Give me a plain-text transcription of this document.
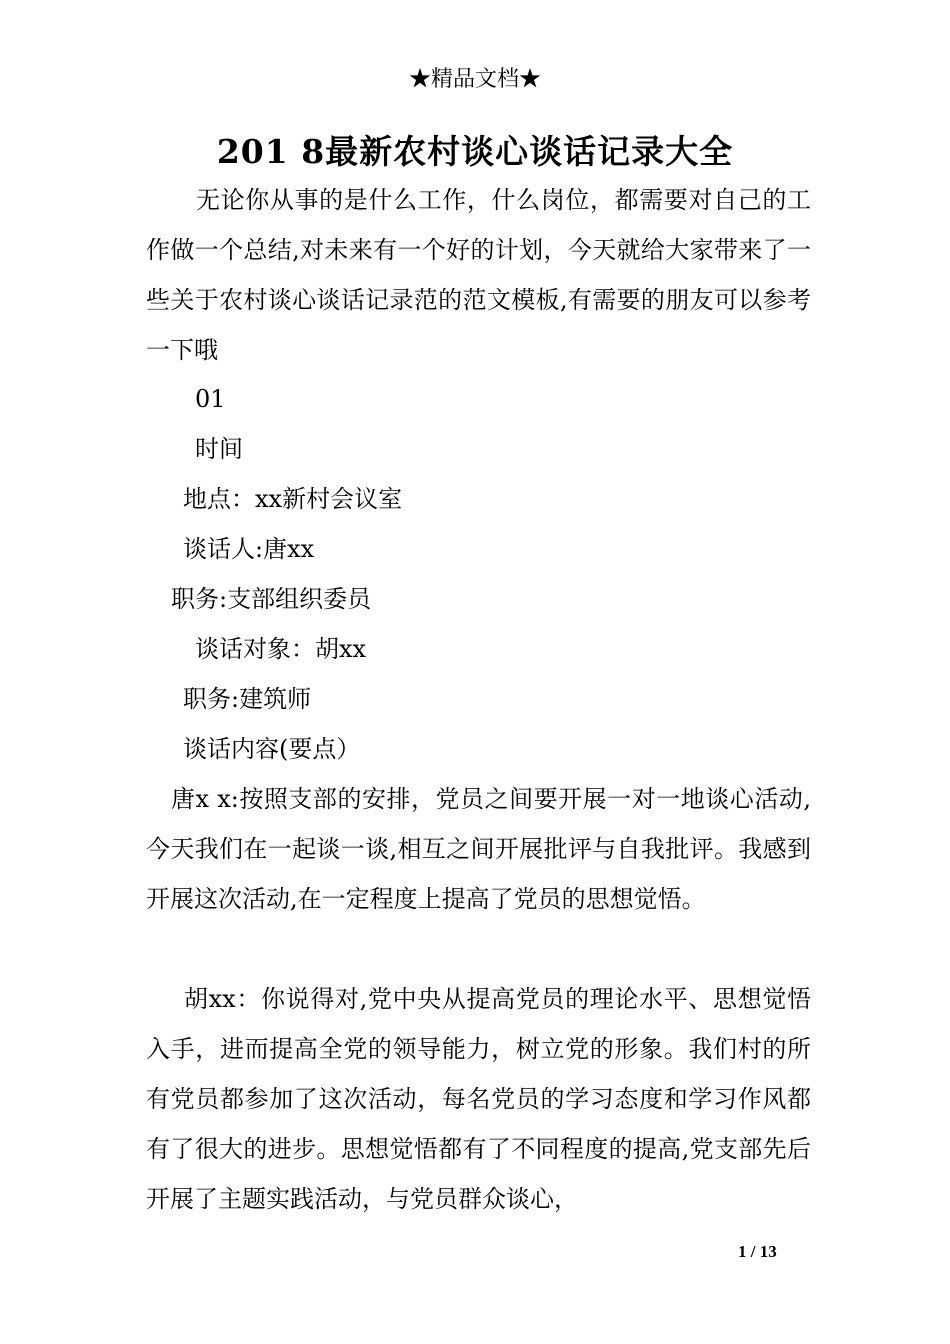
★精品文档★
201 8最新农村谈心谈话记录大全
无论你从事的是什么工作，什么岗位，都需要对自己的工作做一个总结,对未来有一个好的计划，今天就给大家带来了一些关于农村谈心谈话记录范的范文模板,有需要的朋友可以参考一下哦
01
时间
地点：xx新村会议室
谈话人:唐xx
职务:支部组织委员
谈话对象：胡xx
职务:建筑师
谈话内容(要点）
唐x x:按照支部的安排，党员之间要开展一对一地谈心活动,今天我们在一起谈一谈,相互之间开展批评与自我批评。我感到开展这次活动,在一定程度上提高了党员的思想觉悟。
胡xx：你说得对,党中央从提高党员的理论水平、思想觉悟入手，进而提高全党的领导能力，树立党的形象。我们村的所有党员都参加了这次活动，每名党员的学习态度和学习作风都有了很大的进步。思想觉悟都有了不同程度的提高,党支部先后开展了主题实践活动，与党员群众谈心，
1 / 13
